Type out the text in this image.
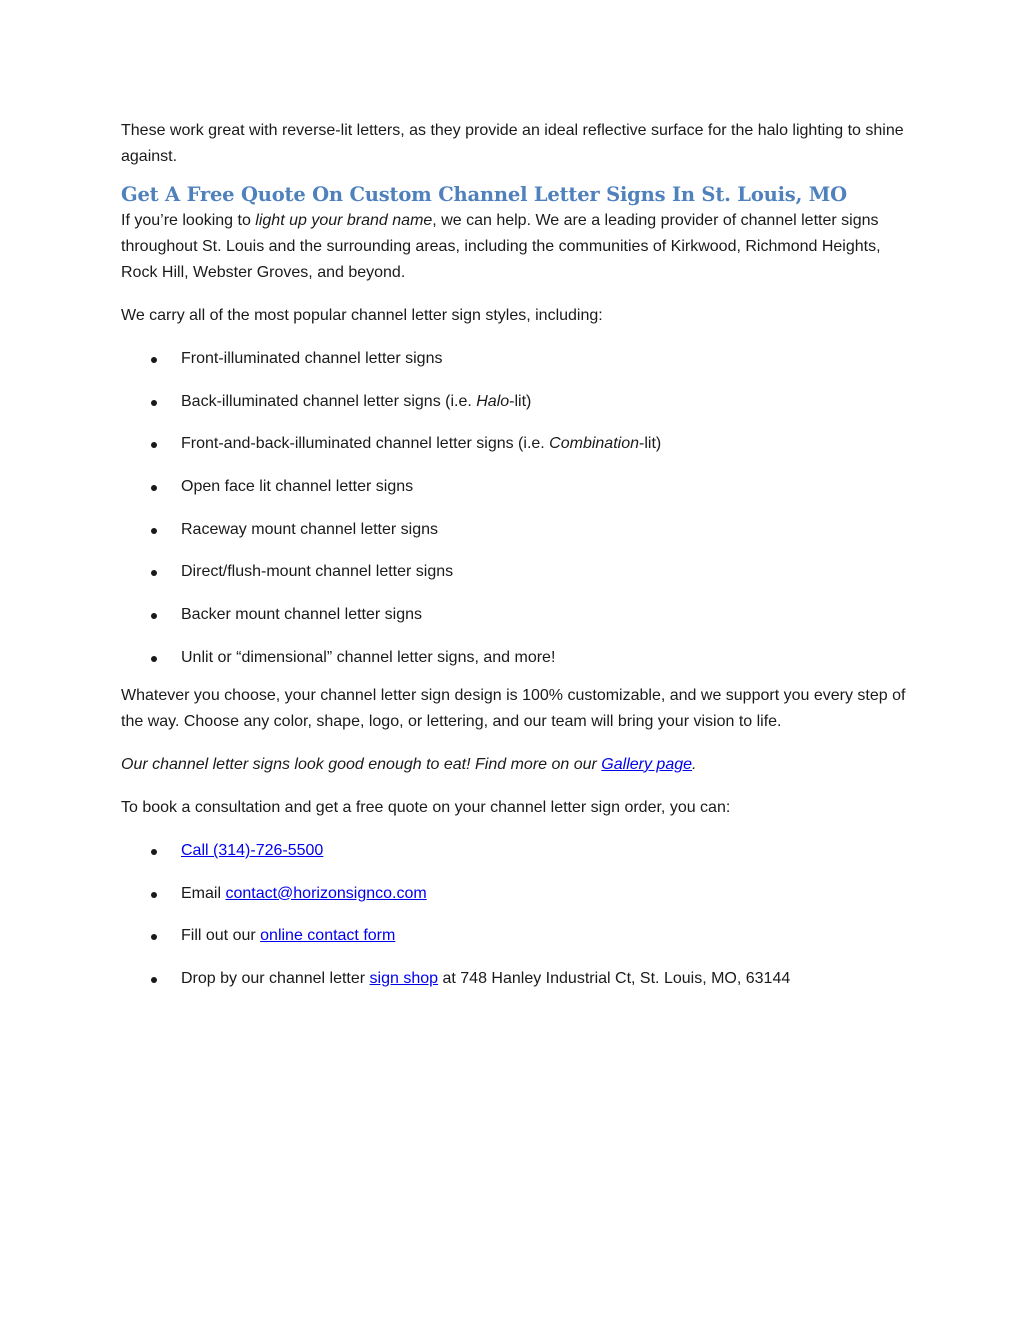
These work great with reverse-lit letters, as they provide an ideal reflective surface for the halo lighting to shine against.

Get A Free Quote On Custom Channel Letter Signs In St. Louis, MO

If you’re looking to light up your brand name, we can help. We are a leading provider of channel letter signs throughout St. Louis and the surrounding areas, including the communities of Kirkwood, Richmond Heights, Rock Hill, Webster Groves, and beyond.

We carry all of the most popular channel letter sign styles, including:

Front-illuminated channel letter signs
Back-illuminated channel letter signs (i.e. Halo-lit)
Front-and-back-illuminated channel letter signs (i.e. Combination-lit)
Open face lit channel letter signs
Raceway mount channel letter signs
Direct/flush-mount channel letter signs
Backer mount channel letter signs
Unlit or “dimensional” channel letter signs, and more!

Whatever you choose, your channel letter sign design is 100% customizable, and we support you every step of the way. Choose any color, shape, logo, or lettering, and our team will bring your vision to life.

Our channel letter signs look good enough to eat! Find more on our Gallery page.

To book a consultation and get a free quote on your channel letter sign order, you can:

Call (314)-726-5500
Email contact@horizonsignco.com
Fill out our online contact form
Drop by our channel letter sign shop at 748 Hanley Industrial Ct, St. Louis, MO, 63144
